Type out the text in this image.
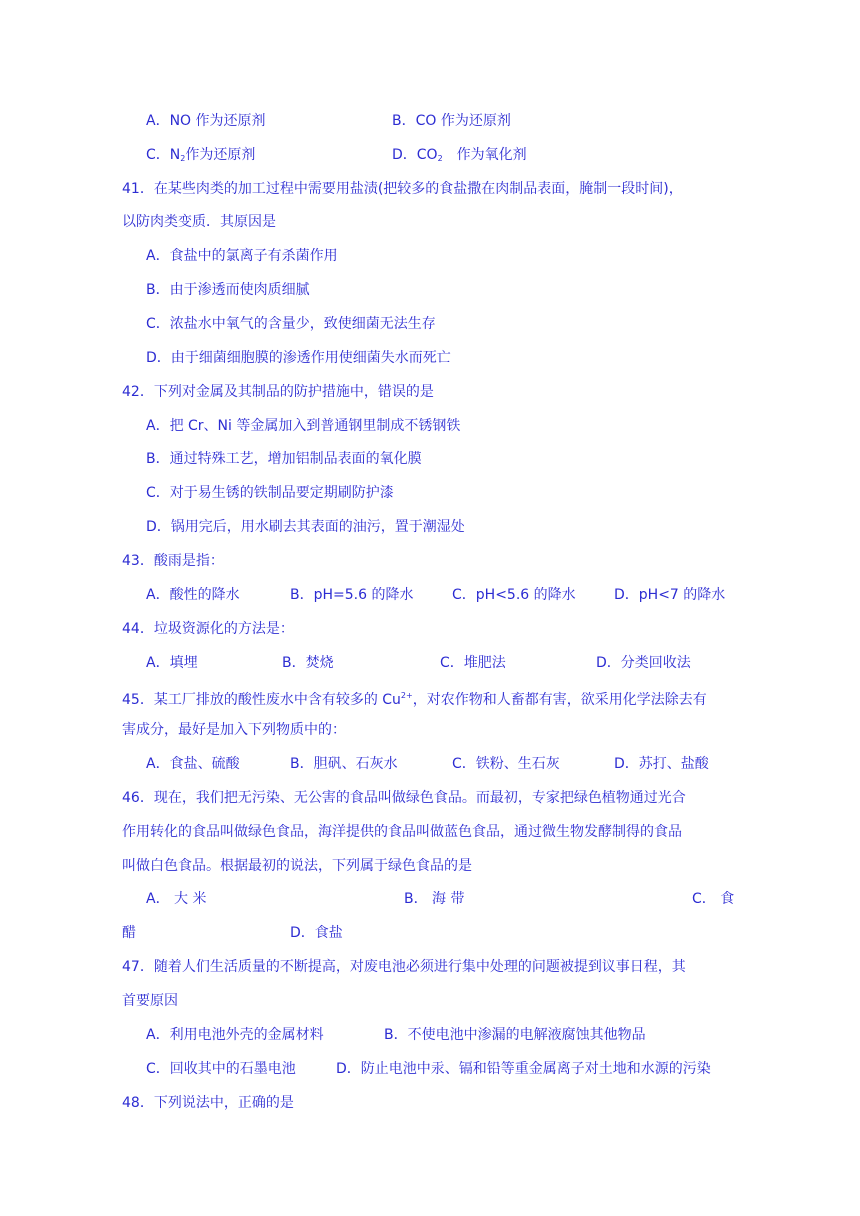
A．NO 作为还原剂	B．CO 作为还原剂
C．$N_2$作为还原剂	D．$CO_2$ 作为氧化剂
41．在某些肉类的加工过程中需要用盐渍(把较多的食盐撒在肉制品表面，腌制一段时间)，
以防肉类变质．其原因是
A．食盐中的氯离子有杀菌作用
B．由于渗透而使肉质细腻
C．浓盐水中氧气的含量少，致使细菌无法生存
D．由于细菌细胞膜的渗透作用使细菌失水而死亡
42．下列对金属及其制品的防护措施中，错误的是
A．把 Cr、Ni 等金属加入到普通钢里制成不锈钢铁
B．通过特殊工艺，增加铝制品表面的氧化膜
C．对于易生锈的铁制品要定期刷防护漆
D．锅用完后，用水刷去其表面的油污，置于潮湿处
43．酸雨是指：
A．酸性的降水	B．pH=5.6 的降水	C．pH<5.6 的降水	D．pH<7 的降水
44．垃圾资源化的方法是：
A．填埋	B．焚烧	C．堆肥法	D．分类回收法
45．某工厂排放的酸性废水中含有较多的 $Cu^{2+}$，对农作物和人畜都有害，欲采用化学法除去有
害成分，最好是加入下列物质中的：
A．食盐、硫酸	B．胆矾、石灰水	C．铁粉、生石灰	D．苏打、盐酸
46．现在，我们把无污染、无公害的食品叫做绿色食品。而最初，专家把绿色植物通过光合
作用转化的食品叫做绿色食品，海洋提供的食品叫做蓝色食品，通过微生物发酵制得的食品
叫做白色食品。根据最初的说法，下列属于绿色食品的是
A． 大 米	B． 海 带	C． 食
醋	D．食盐
47．随着人们生活质量的不断提高，对废电池必须进行集中处理的问题被提到议事日程，其
首要原因
A．利用电池外壳的金属材料	B．不使电池中渗漏的电解液腐蚀其他物品
C．回收其中的石墨电池	D．防止电池中汞、镉和铅等重金属离子对土地和水源的污染
48．下列说法中，正确的是
